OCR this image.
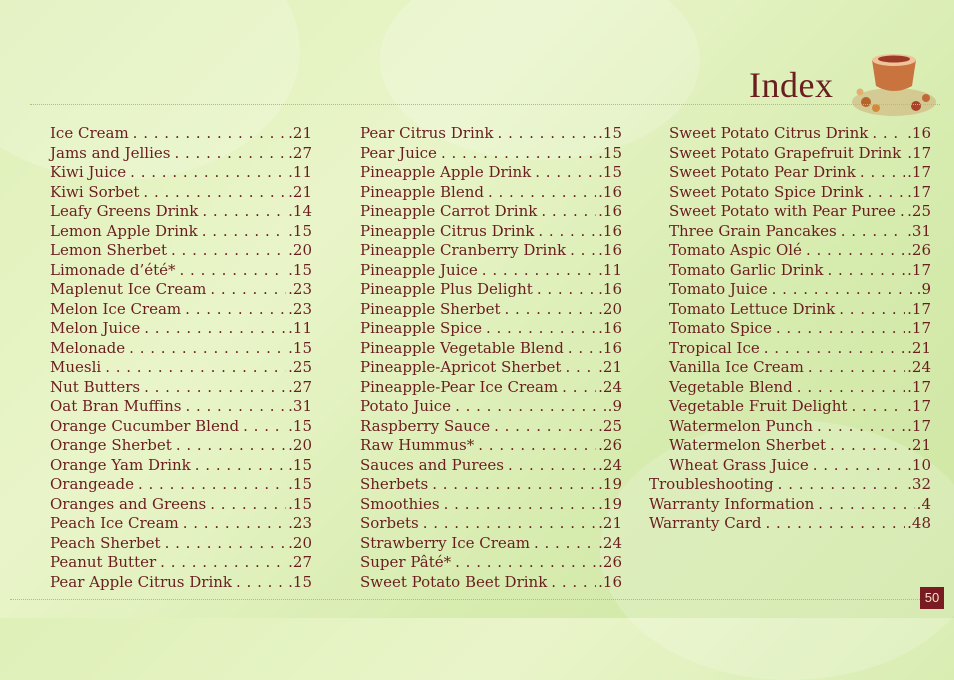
Index
Ice Cream . . .	. 21
Jams and Jellies . . .	. 27
Kiwi Juice . . .	. 11
Kiwi Sorbet . . .	. 21
Leafy Greens Drink . . .	. 14
Lemon Apple Drink . . .	. 15
Lemon Sherbet . . .	. 20
Limonade d’été* . . .	. 15
Maplenut Ice Cream . . .	. 23
Melon Ice Cream . . .	. 23
Melon Juice . . .	. 11
Melonade . . .	. 15
Muesli . . .	. 25
Nut Butters . . .	. 27
Oat Bran Muffins . . .	. 31
Orange Cucumber Blend . . .	. 15
Orange Sherbet . . .	. 20
Orange Yam Drink . . .	. 15
Orangeade . . .	. 15
Oranges and Greens . . .	. 15
Peach Ice Cream . . .	. 23
Peach Sherbet . . .	. 20
Peanut Butter . . .	. 27
Pear Apple Citrus Drink . . .	. 15
Pear Citrus Drink . . .	. 15
Pear Juice . . .	. 15
Pineapple Apple Drink . . .	. 15
Pineapple Blend . . .	. 16
Pineapple Carrot Drink . . .	. 16
Pineapple Citrus Drink . . .	. 16
Pineapple Cranberry Drink . . .	. 16
Pineapple Juice . . .	. 11
Pineapple Plus Delight . . .	. 16
Pineapple Sherbet . . .	. 20
Pineapple Spice . . .	. 16
Pineapple Vegetable Blend . . .	. 16
Pineapple-Apricot Sherbet . . .	. 21
Pineapple-Pear Ice Cream . . .	. 24
Potato Juice . . .	. 9
Raspberry Sauce . . .	. 25
Raw Hummus* . . .	. 26
Sauces and Purees . . .	. 24
Sherbets . . .	. 19
Smoothies . . .	. 19
Sorbets . . .	. 21
Strawberry Ice Cream . . .	. 24
Super Pâté* . . .	. 26
Sweet Potato Beet Drink . . .	. 16
Sweet Potato Citrus Drink . . .	. 16
Sweet Potato Grapefruit Drink . 17
Sweet Potato Pear Drink . . .	. 17
Sweet Potato Spice Drink . . .	. 17
Sweet Potato with Pear Puree . . .	. 25
Three Grain Pancakes . . .	. 31
Tomato Aspic Olé . . .	. 26
Tomato Garlic Drink . . .	. 17
Tomato Juice . . .	. 9
Tomato Lettuce Drink . . .	. 17
Tomato Spice . . .	. 17
Tropical Ice . . .	. 21
Vanilla Ice Cream . . .	. 24
Vegetable Blend . . .	. 17
Vegetable Fruit Delight . . .	. 17
Watermelon Punch . . .	. 17
Watermelon Sherbet . . .	. 21
Wheat Grass Juice . . .	. 10
Troubleshooting . . .	. 32
Warranty Information . . .	. 4
Warranty Card . . .	. 48
50
